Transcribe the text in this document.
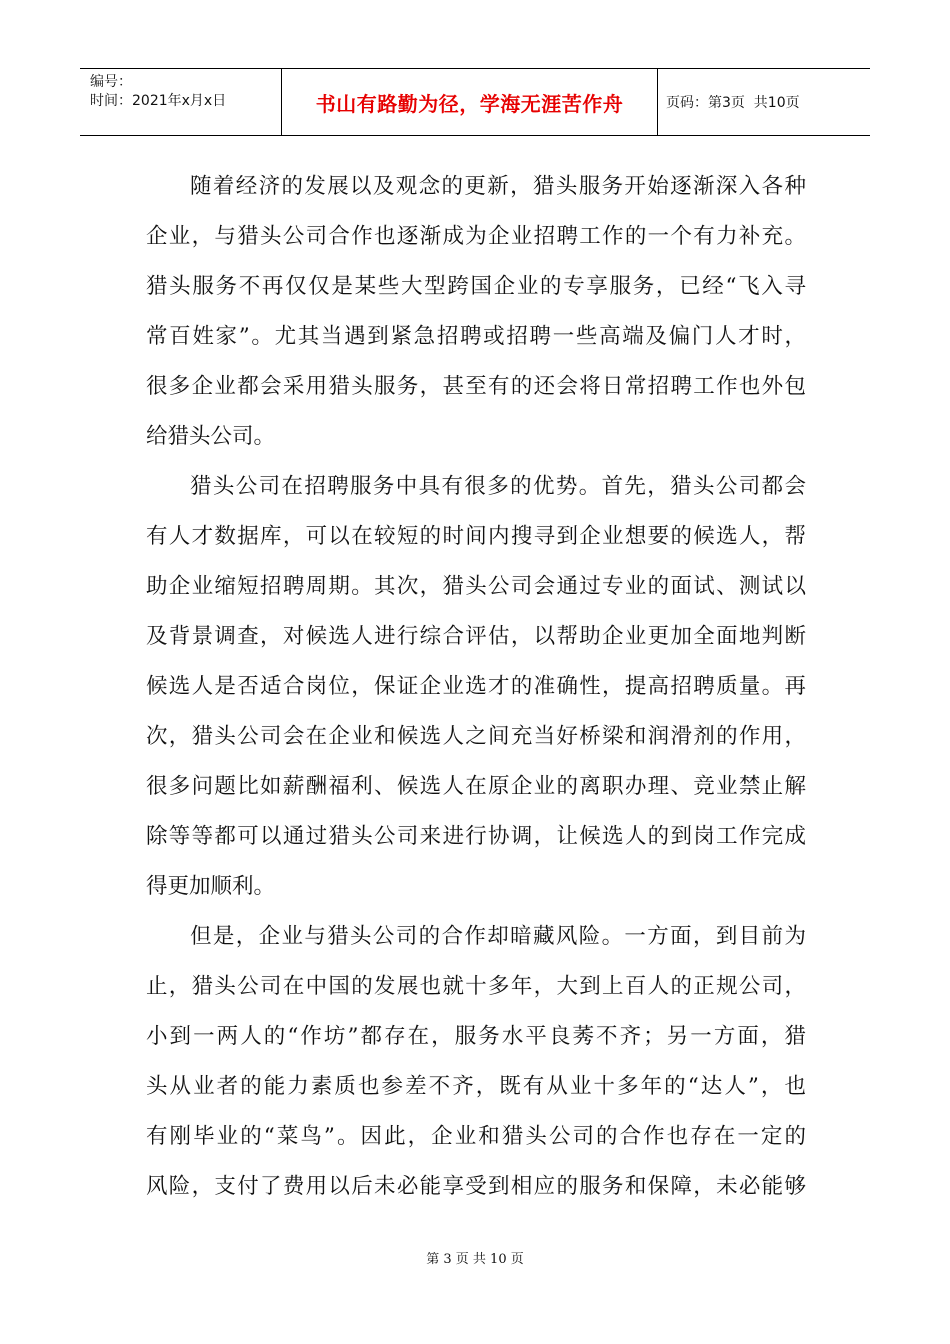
编号：
时间：2021年x月x日	书山有路勤为径，学海无涯苦作舟	页码：第3页  共10页
随着经济的发展以及观念的更新，猎头服务开始逐渐深入各种
企业，与猎头公司合作也逐渐成为企业招聘工作的一个有力补充。
猎头服务不再仅仅是某些大型跨国企业的专享服务，已经“飞入寻
常百姓家”。尤其当遇到紧急招聘或招聘一些高端及偏门人才时，
很多企业都会采用猎头服务，甚至有的还会将日常招聘工作也外包
给猎头公司。
猎头公司在招聘服务中具有很多的优势。首先，猎头公司都会
有人才数据库，可以在较短的时间内搜寻到企业想要的候选人，帮
助企业缩短招聘周期。其次，猎头公司会通过专业的面试、测试以
及背景调查，对候选人进行综合评估，以帮助企业更加全面地判断
候选人是否适合岗位，保证企业选才的准确性，提高招聘质量。再
次，猎头公司会在企业和候选人之间充当好桥梁和润滑剂的作用，
很多问题比如薪酬福利、候选人在原企业的离职办理、竞业禁止解
除等等都可以通过猎头公司来进行协调，让候选人的到岗工作完成
得更加顺利。
但是，企业与猎头公司的合作却暗藏风险。一方面，到目前为
止，猎头公司在中国的发展也就十多年，大到上百人的正规公司，
小到一两人的“作坊”都存在，服务水平良莠不齐；另一方面，猎
头从业者的能力素质也参差不齐，既有从业十多年的“达人”，也
有刚毕业的“菜鸟”。因此，企业和猎头公司的合作也存在一定的
风险，支付了费用以后未必能享受到相应的服务和保障，未必能够
第 3 页 共 10 页
